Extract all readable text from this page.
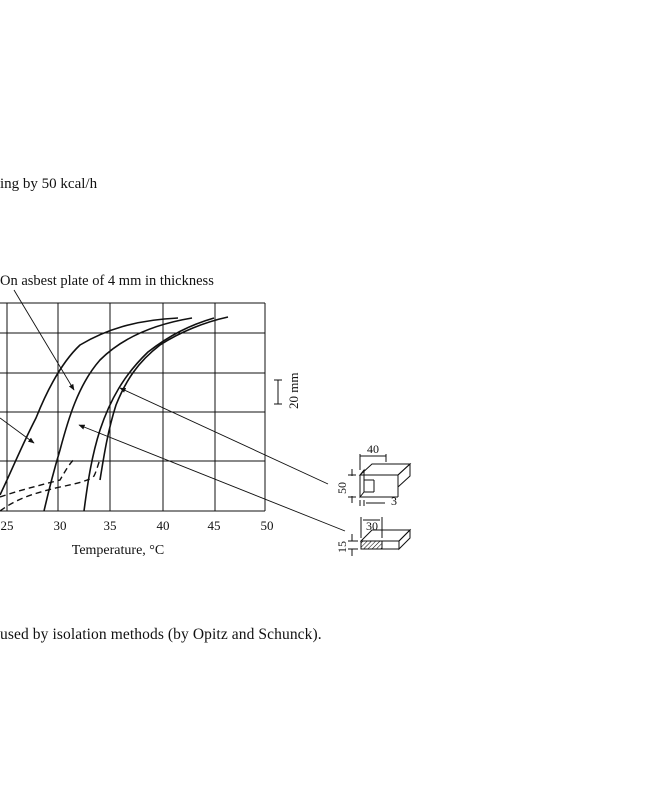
ing by 50 kcal/h
On asbest plate of 4 mm in thickness
25	30	35	40	45	50
Temperature, °C
20 mm
40
50
3
30
15
used by isolation methods (by Opitz and Schunck).
